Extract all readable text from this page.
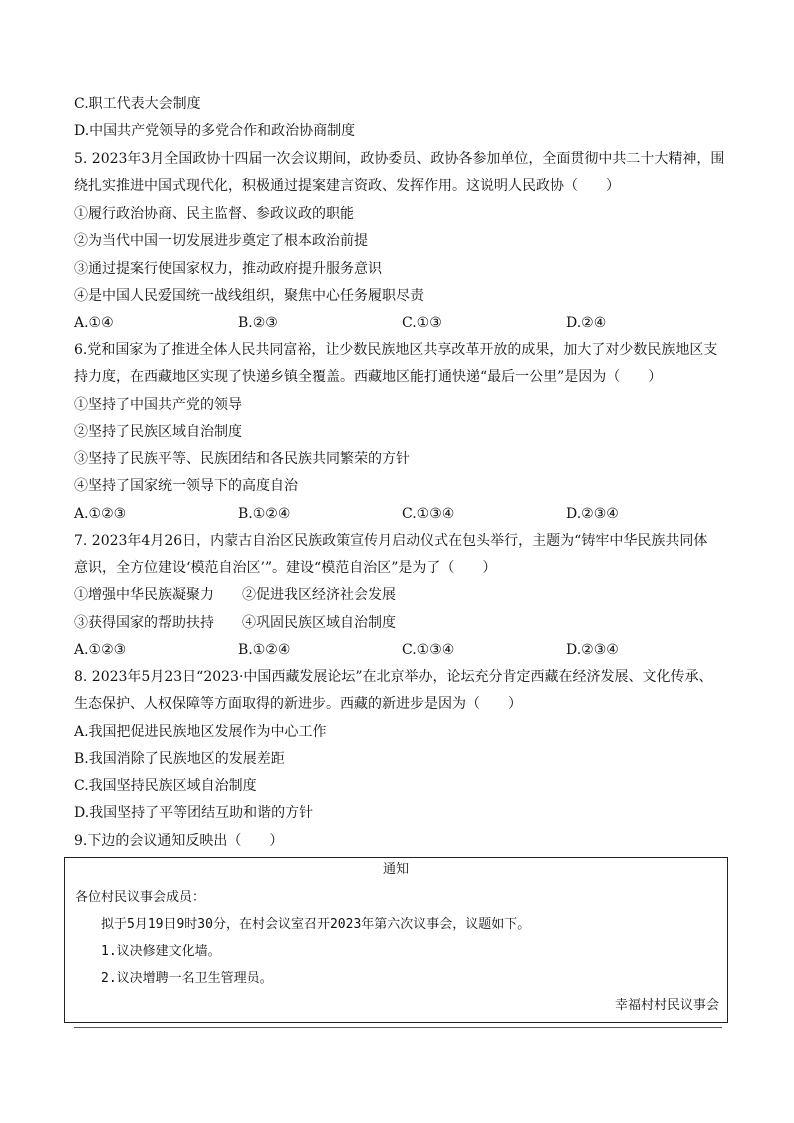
C.职工代表大会制度
D.中国共产党领导的多党合作和政治协商制度
5. 2023年3月全国政协十四届一次会议期间，政协委员、政协各参加单位，全面贯彻中共二十大精神，围
绕扎实推进中国式现代化，积极通过提案建言资政、发挥作用。这说明人民政协（　　）
①履行政治协商、民主监督、参政议政的职能
②为当代中国一切发展进步奠定了根本政治前提
③通过提案行使国家权力，推动政府提升服务意识
④是中国人民爱国统一战线组织，聚焦中心任务履职尽责
A.①④	B.②③	C.①③	D.②④
6.党和国家为了推进全体人民共同富裕，让少数民族地区共享改革开放的成果，加大了对少数民族地区支
持力度，在西藏地区实现了快递乡镇全覆盖。西藏地区能打通快递“最后一公里”是因为（　　）
①坚持了中国共产党的领导
②坚持了民族区域自治制度
③坚持了民族平等、民族团结和各民族共同繁荣的方针
④坚持了国家统一领导下的高度自治
A.①②③	B.①②④	C.①③④	D.②③④
7. 2023年4月26日，内蒙古自治区民族政策宣传月启动仪式在包头举行，主题为“铸牢中华民族共同体
意识，全方位建设‘模范自治区’”。建设“模范自治区”是为了（　　）
①增强中华民族凝聚力　　②促进我区经济社会发展
③获得国家的帮助扶持　　④巩固民族区域自治制度
A.①②③	B.①②④	C.①③④	D.②③④
8. 2023年5月23日“2023·中国西藏发展论坛”在北京举办，论坛充分肯定西藏在经济发展、文化传承、
生态保护、人权保障等方面取得的新进步。西藏的新进步是因为（　　）
A.我国把促进民族地区发展作为中心工作
B.我国消除了民族地区的发展差距
C.我国坚持民族区域自治制度
D.我国坚持了平等团结互助和谐的方针
9.下边的会议通知反映出（　　）
通知
各位村民议事会成员：
拟于5月19日9时30分，在村会议室召开2023年第六次议事会，议题如下。
1.议决修建文化墙。
2.议决增聘一名卫生管理员。
幸福村村民议事会
